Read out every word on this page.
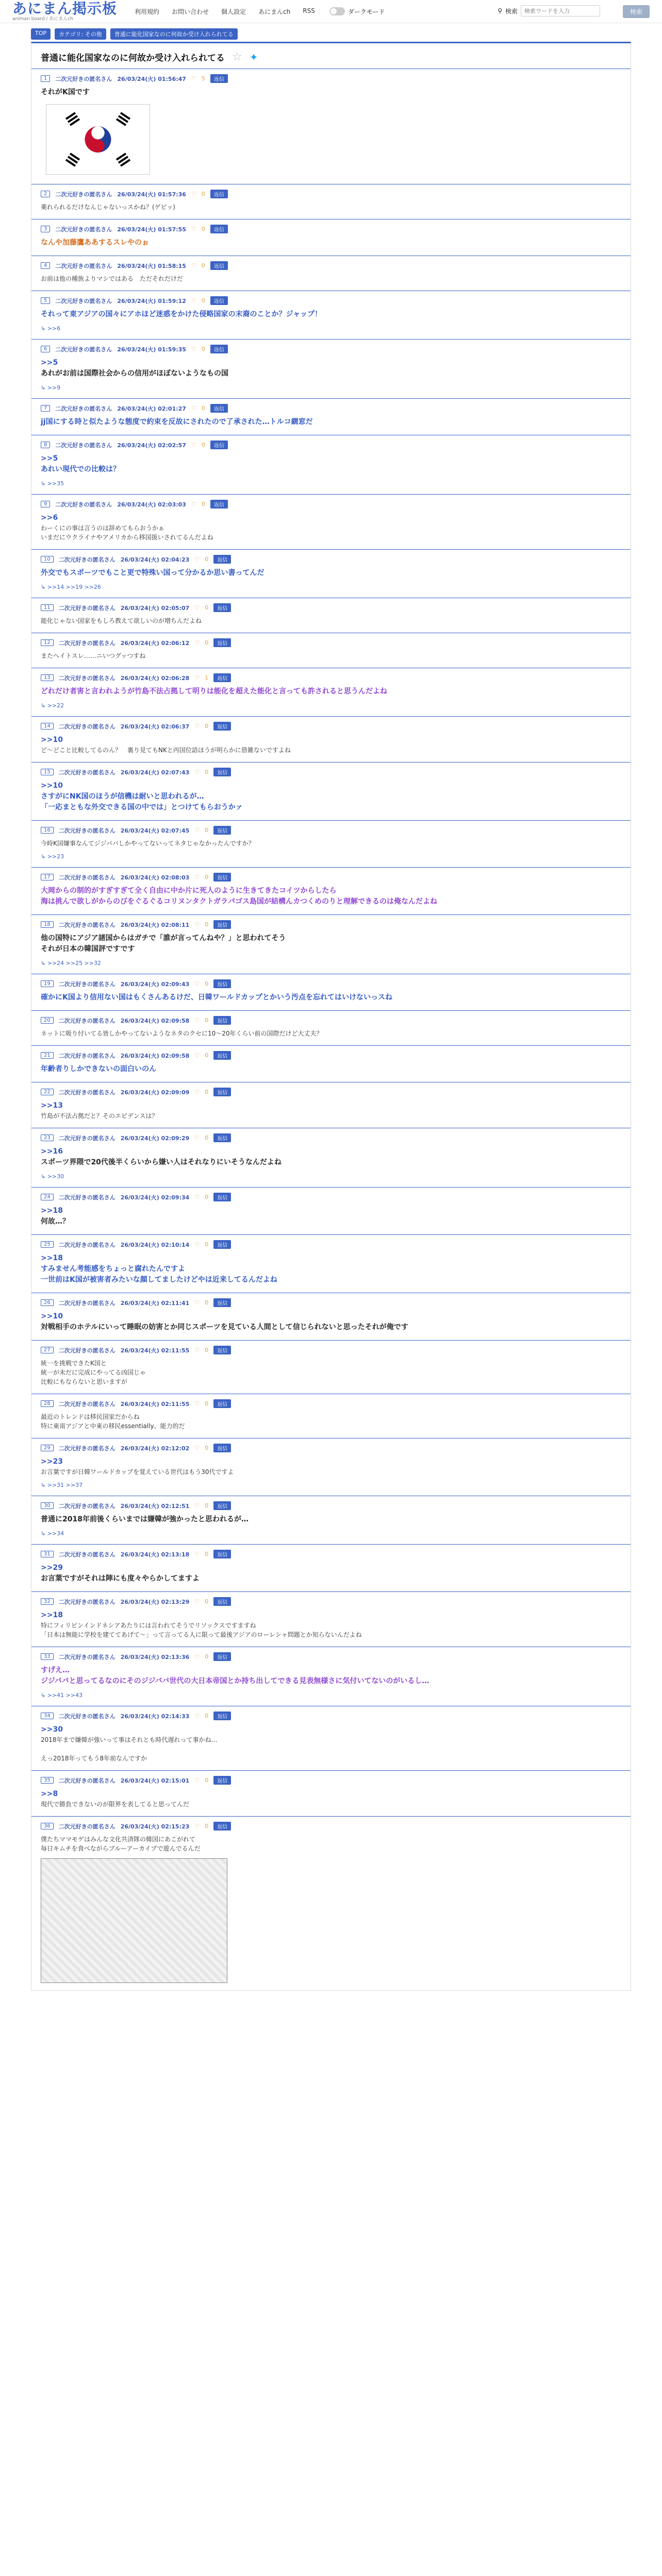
あにまん掲示板
animan board / あにまんch
利用規約 お問い合わせ 個人設定 あにまんch RSS	ダークモード	⚲ 検索
検索ワードを入力	検索
TOP	カテゴリ: その他	普通に能化国家なのに何故か受け入れられてる
普通に能化国家なのに何故か受け入れられてる ☆ ✦
1	二次元好きの匿名さん 26/03/24(火) 01:56:47 ♡ 5	返信
それがK国です
2	二次元好きの匿名さん 26/03/24(火) 01:57:36 ♡ 0	返信
薬れられるだけなんじゃないっスかね？(ゲビッ)
3	二次元好きの匿名さん 26/03/24(火) 01:57:55 ♡ 0	返信
なんや加藤鷹ああするスレやのぉ
4	二次元好きの匿名さん 26/03/24(火) 01:58:15 ♡ 0	返信
お前は他の種族よりマシではある　ただそれだけだ
5	二次元好きの匿名さん 26/03/24(火) 01:59:12 ♡ 0	返信
それって東アジアの国々にアホほど迷惑をかけた侵略国家の末裔のことか？ジャップ！
↳ >>6
6	二次元好きの匿名さん 26/03/24(火) 01:59:35 ♡ 0	返信
>>5
あれがお前は国際社会からの信用がほぼないようなもの国
↳ >>9
7	二次元好きの匿名さん 26/03/24(火) 02:01:27 ♡ 0	返信
jj国にする時と似たような態度で約束を反故にされたので了承された…トルコ繝窓だ
8	二次元好きの匿名さん 26/03/24(火) 02:02:57 ♡ 0	返信
>>5
あれい現代での比較は？
↳ >>35
9	二次元好きの匿名さん 26/03/24(火) 02:03:03 ♡ 0	返信
>>6
わーくにの事は言うのは辞めてもらおうかぁ
いまだにウクライナやアメリカから移国扱いされてるんだよね
10	二次元好きの匿名さん 26/03/24(火) 02:04:23 ♡ 0	返信
外交でもスポーツでもこと更で特殊い国って分かるか思い書ってんだ
↳ >>14 >>19 >>26
11	二次元好きの匿名さん 26/03/24(火) 02:05:07 ♡ 0	返信
能化じゃない国家をもしろ教えて欲しいのが増ちんだよね
12	二次元好きの匿名さん 26/03/24(火) 02:06:12 ♡ 0	返信
またヘイトスレ……ニいつグッつすね
13	二次元好きの匿名さん 26/03/24(火) 02:06:28 ♡ 1	返信
どれだけ者害と言われようが竹島不法占拠して明りは能化を超えた能化と言っても許されると思うんだよね
↳ >>22
14	二次元好きの匿名さん 26/03/24(火) 02:06:37 ♡ 0	返信
>>10
ど〜どこと比較してるのん？　裏り見てもNKと丙国位語ほうが明らかに借雑ないですよね
15	二次元好きの匿名さん 26/03/24(火) 02:07:43 ♡ 0	返信
>>10
さすがにNK国のほうが信機は耐いと思われるが…
「一応まともな外交できる国の中では」とつけてもらおうかァ
16	二次元好きの匿名さん 26/03/24(火) 02:07:45 ♡ 0	返信
今時K国嫌事なんてジジババしかやってないってネタじゃなかったんですか？
↳ >>23
17	二次元好きの匿名さん 26/03/24(火) 02:08:03 ♡ 0	返信
大岡からの制的がすぎすぎて全く自由に中か片に死人のように生きてきたコイツからしたら
海は挑んで欲しがからのびをぐるぐるコリヌンタクトガラパゴス島国が結構んカつくめのりと理解できるのは俺なんだよね
18	二次元好きの匿名さん 26/03/24(火) 02:08:11 ♡ 0	返信
他の国特にアジア諸国からはガチで「誰が言ってんねや？」と思われてそう
それが日本の韓国評ですです
↳ >>24 >>25 >>32
19	二次元好きの匿名さん 26/03/24(火) 02:09:43 ♡ 0	返信
確かにK国より信用ない国はもくさんあるけだ、日韓ワールドカップとかいう汚点を忘れてはいけないっスね
20	二次元好きの匿名さん 26/03/24(火) 02:09:58 ♡ 0	返信
ネットに吸り付いてる皆しかやってないようなネタのクセに10〜20年くらい前の国際だけど大丈夫？
21	二次元好きの匿名さん 26/03/24(火) 02:09:58 ♡ 0	返信
年齢者りしかできないの面白いのん
22	二次元好きの匿名さん 26/03/24(火) 02:09:09 ♡ 0	返信
>>13
竹島が不法占拠だと？そのエビデンスは？
23	二次元好きの匿名さん 26/03/24(火) 02:09:29 ♡ 0	返信
>>16
スポーツ界隈で20代後半くらいから嫌い人はそれなりにいそうなんだよね
↳ >>30
24	二次元好きの匿名さん 26/03/24(火) 02:09:34 ♡ 0	返信
>>18
何故…？
25	二次元好きの匿名さん 26/03/24(火) 02:10:14 ♡ 0	返信
>>18
すみません考能感をちょっと腐れたんですよ
一世前はK国が被害者みたいな顔してましたけどやは近来してるんだよね
26	二次元好きの匿名さん 26/03/24(火) 02:11:41 ♡ 0	返信
>>10
対戦相手のホテルにいって睡眠の妨害とか同じスポーツを見ている人間として信じられないと思ったそれが俺です
27	二次元好きの匿名さん 26/03/24(火) 02:11:55 ♡ 0	返信
統一を挑戦できたK国と
統一が未だに完成にやってる凶国じゃ
比較にもならないと思いますが
28	二次元好きの匿名さん 26/03/24(火) 02:11:55 ♡ 0	返信
最近のトレンドは移民国家だからね
特に東南アジアと中東の移民essentially、能力的だ
29	二次元好きの匿名さん 26/03/24(火) 02:12:02 ♡ 0	返信
>>23
お言葉ですが日韓ワールドカップを覚えている世代はもう30代ですよ
↳ >>31 >>37
30	二次元好きの匿名さん 26/03/24(火) 02:12:51 ♡ 0	返信
普通に2018年前後くらいまでは嫌韓が強かったと思われるが…
↳ >>34
31	二次元好きの匿名さん 26/03/24(火) 02:13:18 ♡ 0	返信
>>29
お言葉ですがそれは陣にも度々やらかしてますよ
32	二次元好きの匿名さん 26/03/24(火) 02:13:29 ♡ 0	返信
>>18
特にフィリピンインドネシアあたりには言われてそうでリソックスですますね
「日本は無能に学校を建ててあげて〜」って言ってる人に限って最後アジアのローレシャ問題とか知らないんだよね
33	二次元好きの匿名さん 26/03/24(火) 02:13:36 ♡ 0	返信
すげえ…
ジジババと思ってるなのにそのジジババ世代の大日本帝国とか持ち出してできる見表無様さに気付いてないのがいるし…
↳ >>41 >>43
34	二次元好きの匿名さん 26/03/24(火) 02:14:33 ♡ 0	返信
>>30
2018年まで嫌韓が強いって事はそれとも時代遅れって事かね…

えっ2018年ってもう8年前なんですか
35	二次元好きの匿名さん 26/03/24(火) 02:15:01 ♡ 0	返信
>>8
現代で勝負できないのが限界を表してると思ってんだ
36	二次元好きの匿名さん 26/03/24(火) 02:15:23 ♡ 0	返信
僕たちママモゲはみんな文化共済隊の韓国にあこがれて
毎日キムチを食べながらブルーアーカイブで遊んでるんだ
